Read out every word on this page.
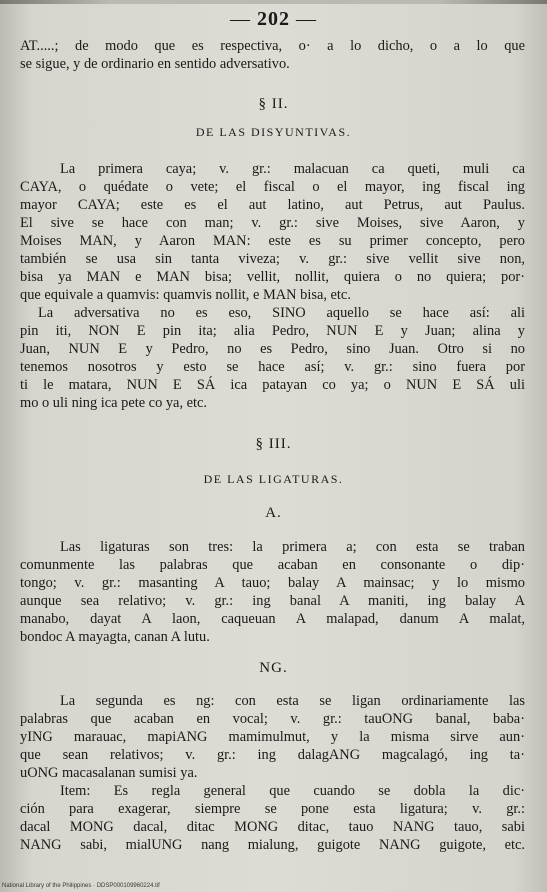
— 202 —
AT.....; de modo que es respectiva, o· a lo dicho, o a lo que
se sigue, y de ordinario en sentido adversativo.
§ II.
DE LAS DISYUNTIVAS.
La primera caya; v. gr.: malacuan ca queti, muli ca
CAYA, o quédate o vete; el fiscal o el mayor, ing fiscal ing
mayor CAYA; este es el aut latino, aut Petrus, aut Paulus.
El sive se hace con man; v. gr.: sive Moises, sive Aaron, y
Moises MAN, y Aaron MAN: este es su primer concepto, pero
también se usa sin tanta viveza; v. gr.: sive vellit sive non,
bisa ya MAN e MAN bisa; vellit, nollit, quiera o no quiera; por·
que equivale a quamvis: quamvis nollit, e MAN bisa, etc.
La adversativa no es eso, SINO aquello se hace así: ali
pin iti, NON E pin ita; alia Pedro, NUN E y Juan; alina y
Juan, NUN E y Pedro, no es Pedro, sino Juan. Otro si no
tenemos nosotros y esto se hace así; v. gr.: sino fuera por
ti le matara, NUN E SÁ ica patayan co ya; o NUN E SÁ uli
mo o uli ning ica pete co ya, etc.
§ III.
DE LAS LIGATURAS.
A.
Las ligaturas son tres: la primera a; con esta se traban
comunmente las palabras que acaban en consonante o dip·
tongo; v. gr.: masanting A tauo; balay A mainsac; y lo mismo
aunque sea relativo; v. gr.: ing banal A maniti, ing balay A
manabo, dayat A laon, caqueuan A malapad, danum A malat,
bondoc A mayagta, canan A lutu.
NG.
La segunda es ng: con esta se ligan ordinariamente las
palabras que acaban en vocal; v. gr.: tauONG banal, baba·
yING marauac, mapiANG mamimulmut, y la misma sirve aun·
que sean relativos; v. gr.: ing dalagANG magcalagó, ing ta·
uONG macasalanan sumisi ya.
Item: Es regla general que cuando se dobla la dic·
ción para exagerar, siempre se pone esta ligatura; v. gr.:
dacal MONG dacal, ditac MONG ditac, tauo NANG tauo, sabi
NANG sabi, mialUNG nang mialung, guigote NANG guigote, etc.
National Library of the Philippines · DDSP000109960224.tif
